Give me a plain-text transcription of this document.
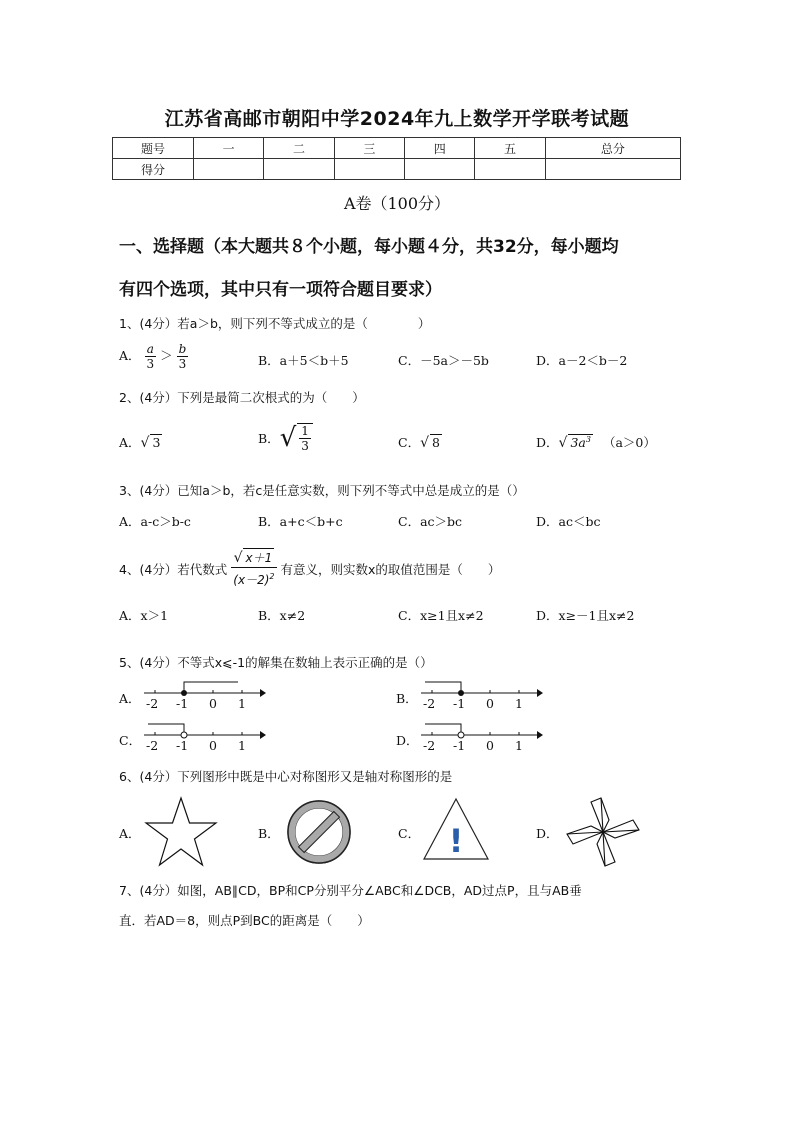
江苏省高邮市朝阳中学2024年九上数学开学联考试题
题号	一	二	三	四	五	总分
得分						
A卷（100分）
一、选择题（本大题共８个小题，每小题４分，共32分，每小题均
有四个选项，其中只有一项符合题目要求）
1、(4分）若a＞b，则下列不等式成立的是（　　　　）
A． $\frac{a}{3} > \frac{b}{3}$	B．a＋5＜b＋5	C．－5a＞－5b	D．a－2＜b－2
2、(4分）下列是最简二次根式的为（　　）
A．√ 3	B．√ $\frac{1}{3}$	C．√ 8	D．√ $3a^3$ （a＞0）
3、(4分）已知a＞b，若c是任意实数，则下列不等式中总是成立的是（）
A．a-c＞b-c	B．a+c＜b+c	C．ac＞bc	D．ac＜bc
4、(4分）若代数式 $\frac{√ x+1}{(x-2)^2}$ 有意义，则实数x的取值范围是（　　）
A．x＞1	B．x≠2	C．x≥1且x≠2	D．x≥－1且x≠2
5、(4分）不等式x⩽-1的解集在数轴上表示正确的是（）
A．	B．
C．	D．
-2 -1 0 1	-2 -1 0 1
-2 -1 0 1	-2 -1 0 1
6、(4分）下列图形中既是中心对称图形又是轴对称图形的是
A．	B．	C．	D．
!
7、(4分）如图，AB∥CD，BP和CP分别平分∠ABC和∠DCB，AD过点P，且与AB垂
直．若AD＝8，则点P到BC的距离是（　　）
